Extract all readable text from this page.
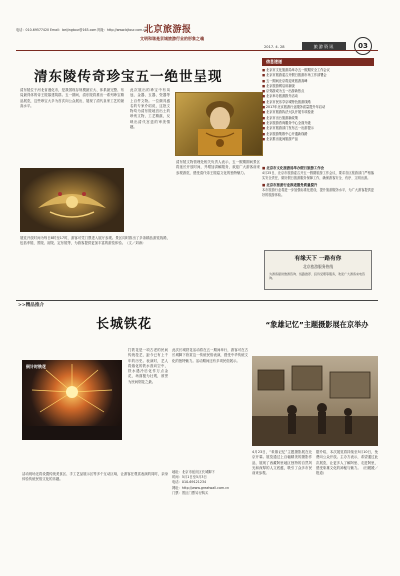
电话：010-69577420 Email：beijingtour@163.com 网址：http://www.bjtour.com.cn
北京旅游报
文明和谐是京城旅游行业的形象之魂
2017. 4. 28	旅游资讯	03
清东陵传奇珍宝五一绝世呈现
清东陵位于河北省遵化市，是我国现存规模最宏大、体系最完整、布局最得体的帝王陵墓建筑群。五一期间，清东陵将推出一系列珍宝精品展览，这些珍宝大多为首次向公众展出，展现了清代皇家工艺的最高水平。
此次展出的珍宝中有凤冠、金器、玉器、瓷器等上百件文物。一位颇具盛名的专家介绍说，这批文物均为清东陵地宫出土的珍贵文物，工艺精湛，反映出清代宫廷的审美情趣。
清东陵文物管理处相关负责人表示，五一假期期间景区将延长开放时间，并增加讲解服务，欢迎广大游客前来参观游览，感受清代帝王陵寝文化的独特魅力。
展览开放时间为每日8时至17时，游客可凭门票进入展厅参观。景区同时推出了多条精品游览线路，包括孝陵、景陵、裕陵、定东陵等，为游客提供更加丰富的游览体验。（文／刘涛）
信息速递
■ 北京市文化旅游局举办五一假期安全工作会议
■ 北京市旅游委召开假日旅游市场工作部署会
■ 五一期间北京将迎来旅游高峰
■ 北京旅游网启用新版
■ 京郊游成为五一出游新热点
■ 北京举办旅游推介活动
■ 北京市民乐享京城特色旅游线路
■ 2017年北京旅游行业服务质量提升年启动
■ 北京市旅游执法大队开展专项检查
■ 北京市出台旅游新政策
■ 北京旅游咨询服务中心全面升级
■ 北京市旅游部门发布五一出游提示
■ 北京旅游集散中心开通新线路
■ 北京推出夜间旅游产品
■ 北京市文化旅游局举办假日旅游工作会
4月25日，北京市旅游委召开五一假期旅游工作会议，要求各区旅游部门严格落实安全责任，做好假日旅游服务保障工作，确保游客安全、有序、文明出游。
■ 北京市旅游行业推进服务质量提升
本市旅游行业将进一步加强标准化建设，提升旅游服务水平，为广大游客提供更好的旅游体验。
有缘天下 一路有你
北京旅游服务热线
为游客提供旅游咨询、线路推荐、投诉受理等服务，欢迎广大游客来电咨询。
>>精品推介
长城铁花
打铁花是一项古老的民间传统技艺，距今已有上千年的历史。表演时，艺人将熔化的铁水泼向空中，铁水遇冷后化作万点金花，场面极为壮观，被誉为民间烟花之最。
此次长城铁花活动将在五一期间举行，游客可在古长城脚下欣赏这一传统民俗表演，感受中华传统文化的独特魅力。活动期间还有多项民俗展示。
倒计时铁花
活动现场还将设置传统美食区、手工艺品展示区等多个互动区域，让游客在观赏表演的同时，亲身体验传统民俗文化的乐趣。
地址：北京市延庆区长城脚下
时间：5月1日至5月3日
电话：010-69121234
网址：http://www.greatwall.com.cn
门票：景区门票另行购买
“象雄记忆”主题摄影展在京举办
4月23日，“象雄记忆”主题摄影展在北京开幕。展览通过上百幅精美的摄影作品，展现了西藏阿里地区独特的自然风光和深厚的人文底蕴，吸引了众多市民前来参观。
据介绍，本次展览将持续至5月10日，免费向公众开放。主办方表示，希望通过此次展览，让更多人了解阿里、走进阿里，感受象雄文化的神秘与魅力。（田媛媛／报道）
